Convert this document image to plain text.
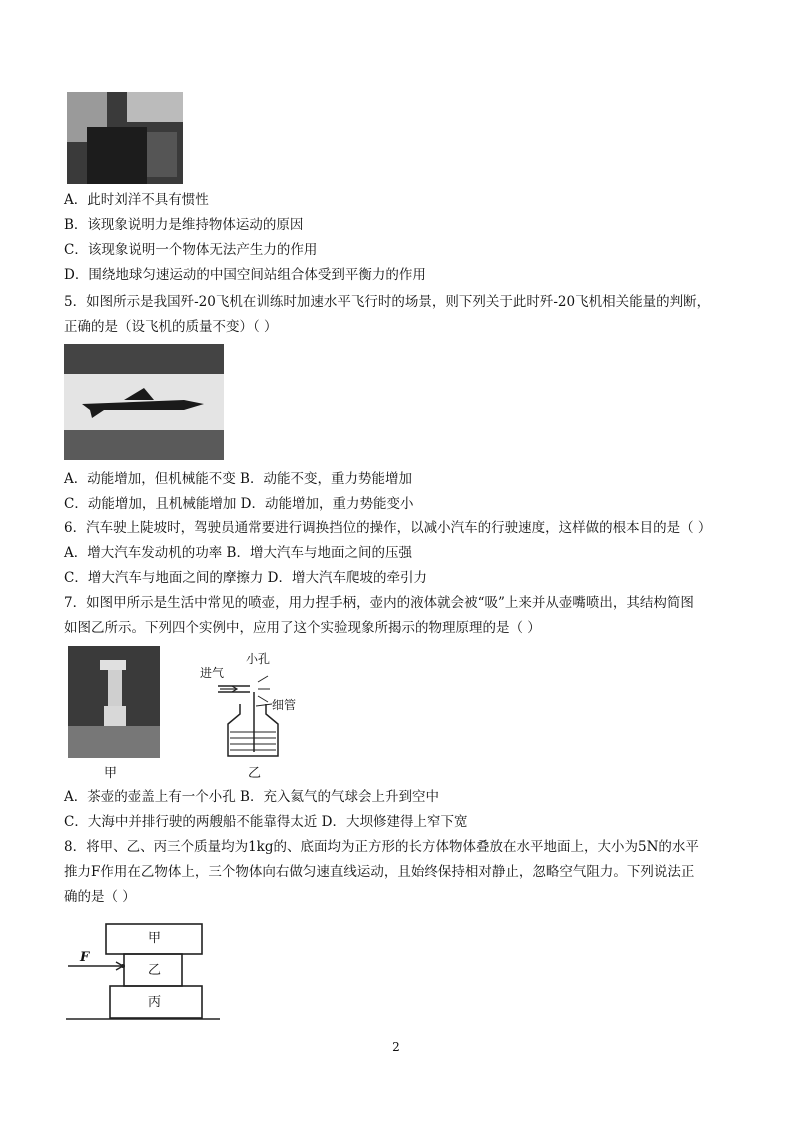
A．此时刘洋不具有惯性
B．该现象说明力是维持物体运动的原因
C．该现象说明一个物体无法产生力的作用
D．围绕地球匀速运动的中国空间站组合体受到平衡力的作用
5．如图所示是我国歼-20飞机在训练时加速水平飞行时的场景，则下列关于此时歼-20飞机相关能量的判断，
正确的是（设飞机的质量不变）（ ）
A．动能增加，但机械能不变 B．动能不变，重力势能增加
C．动能增加，且机械能增加 D．动能增加，重力势能变小
6．汽车驶上陡坡时，驾驶员通常要进行调换挡位的操作，以减小汽车的行驶速度，这样做的根本目的是（ ）
A．增大汽车发动机的功率 B．增大汽车与地面之间的压强
C．增大汽车与地面之间的摩擦力 D．增大汽车爬坡的牵引力
7．如图甲所示是生活中常见的喷壶，用力捏手柄，壶内的液体就会被“吸”上来并从壶嘴喷出，其结构简图
如图乙所示。下列四个实例中，应用了这个实验现象所揭示的物理原理的是（ ）
甲
进气
小孔
细管
乙
A．茶壶的壶盖上有一个小孔 B．充入氦气的气球会上升到空中
C．大海中并排行驶的两艘船不能靠得太近 D．大坝修建得上窄下宽
8．将甲、乙、丙三个质量均为1kg的、底面均为正方形的长方体物体叠放在水平地面上，大小为5N的水平
推力F作用在乙物体上，三个物体向右做匀速直线运动，且始终保持相对静止，忽略空气阻力。下列说法正
确的是（ ）
甲
乙
丙
F
2
